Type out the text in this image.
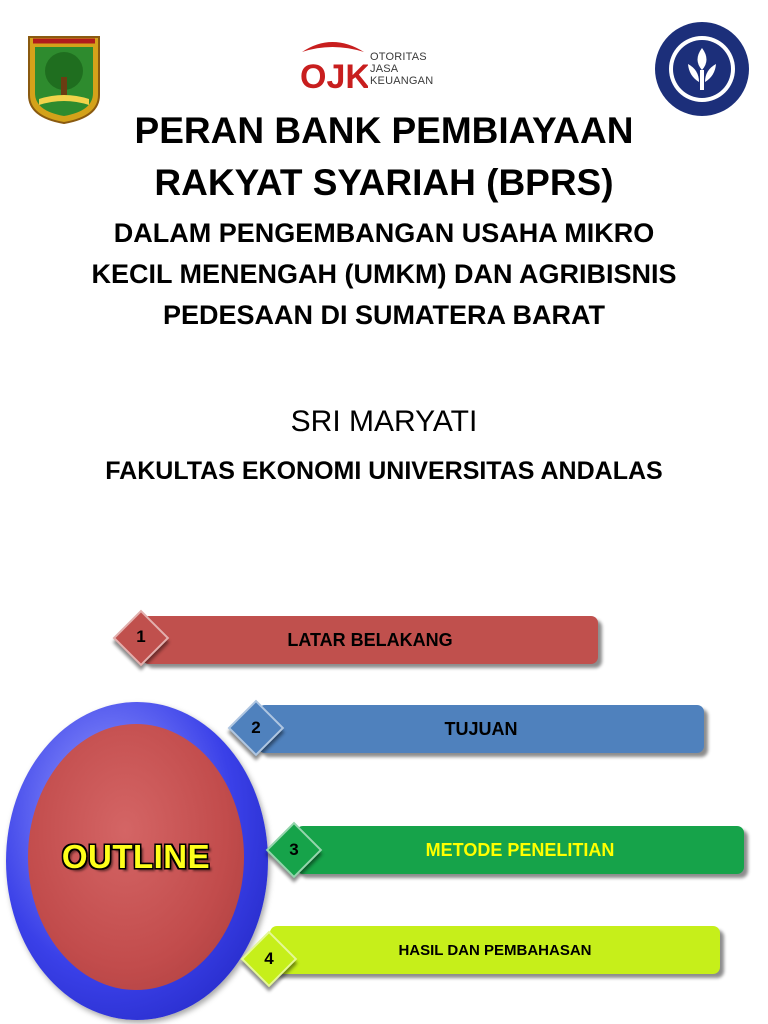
OJK
OTORITAS
JASA
KEUANGAN
PERAN BANK PEMBIAYAAN
RAKYAT SYARIAH (BPRS)
DALAM PENGEMBANGAN USAHA MIKRO
KECIL MENENGAH (UMKM) DAN AGRIBISNIS
PEDESAAN DI SUMATERA BARAT
SRI MARYATI
FAKULTAS EKONOMI UNIVERSITAS ANDALAS
OUTLINE
LATAR BELAKANG
1
TUJUAN
2
METODE PENELITIAN
3
HASIL DAN PEMBAHASAN
4
